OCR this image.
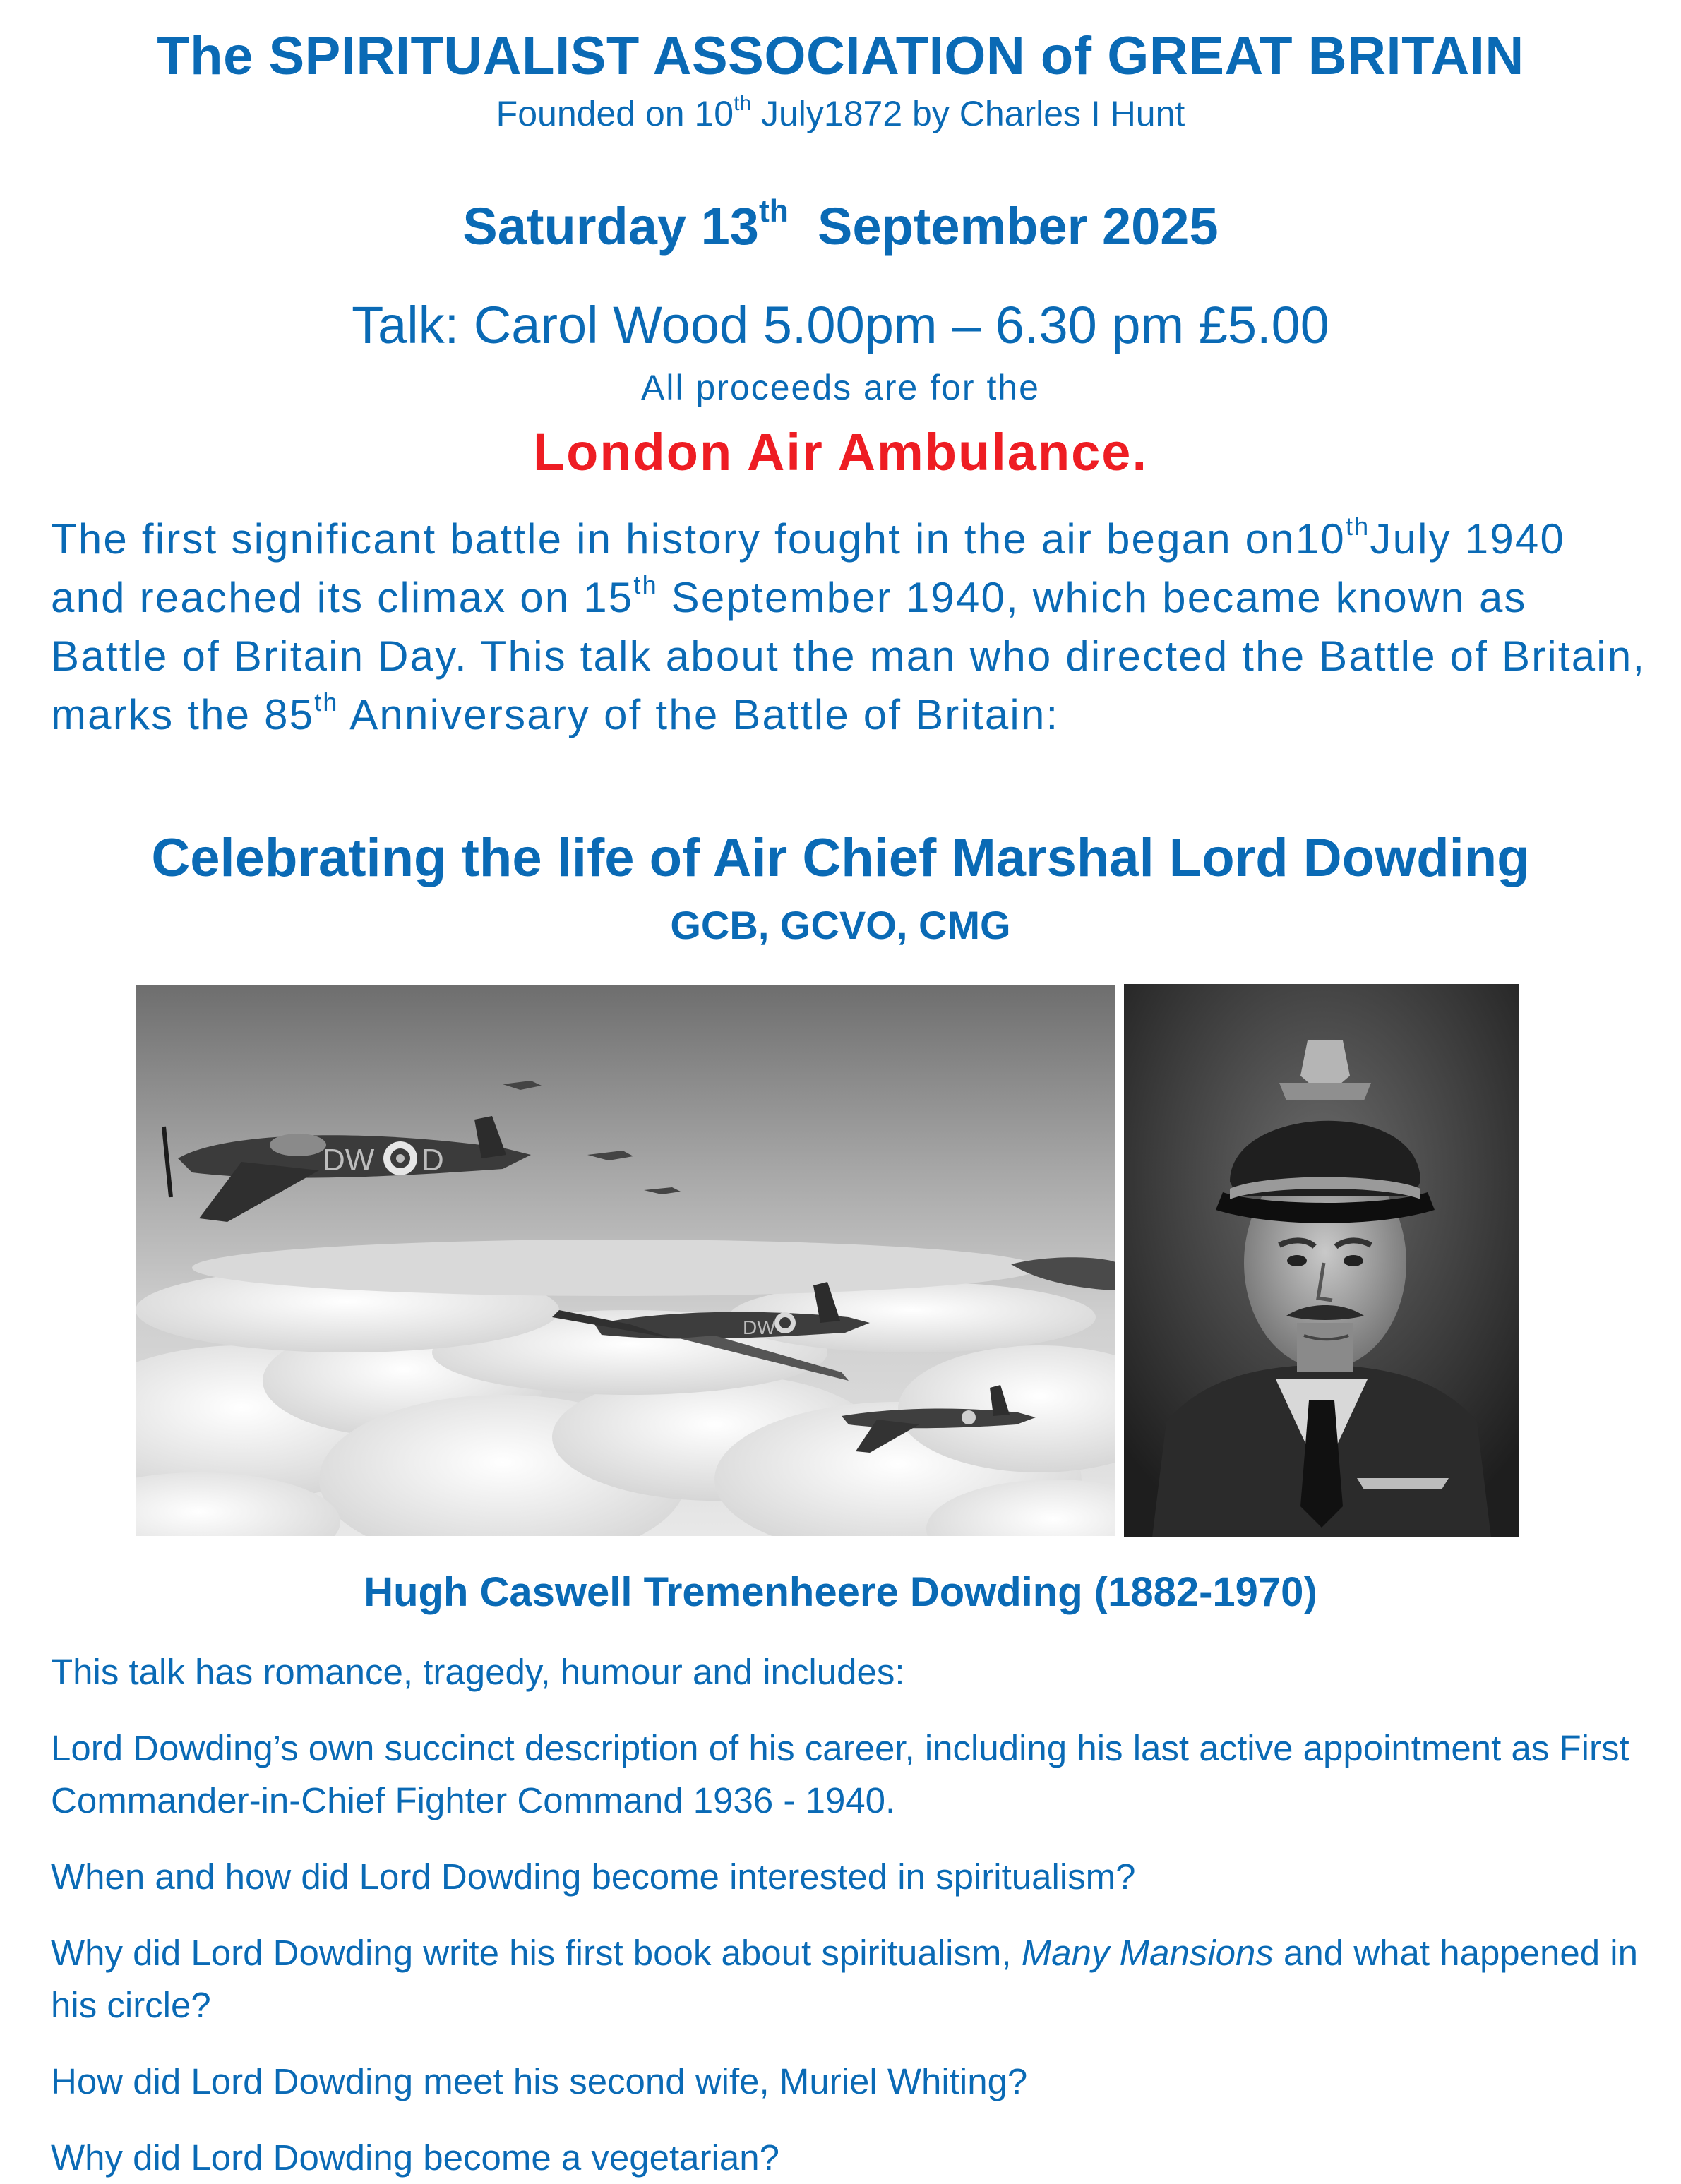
The SPIRITUALIST ASSOCIATION of GREAT BRITAIN
Founded on 10th July1872 by Charles I Hunt
Saturday 13th  September 2025
Talk: Carol Wood 5.00pm – 6.30 pm £5.00
All proceeds are for the
London Air Ambulance.
The first significant battle in history fought in the air began on10thJuly 1940 and reached its climax on 15th September 1940, which became known as Battle of Britain Day. This talk about the man who directed the Battle of Britain, marks the 85th Anniversary of the Battle of Britain:
Celebrating the life of Air Chief Marshal Lord Dowding
GCB, GCVO, CMG
DW D
DW
Hugh Caswell Tremenheere Dowding (1882-1970)
This talk has romance, tragedy, humour and includes:
Lord Dowding’s own succinct description of his career, including his last active appointment as First Commander-in-Chief Fighter Command 1936 - 1940.
When and how did Lord Dowding become interested in spiritualism?
Why did Lord Dowding write his first book about spiritualism, Many Mansions and what happened in his circle?
How did Lord Dowding meet his second wife, Muriel Whiting?
Why did Lord Dowding become a vegetarian?
